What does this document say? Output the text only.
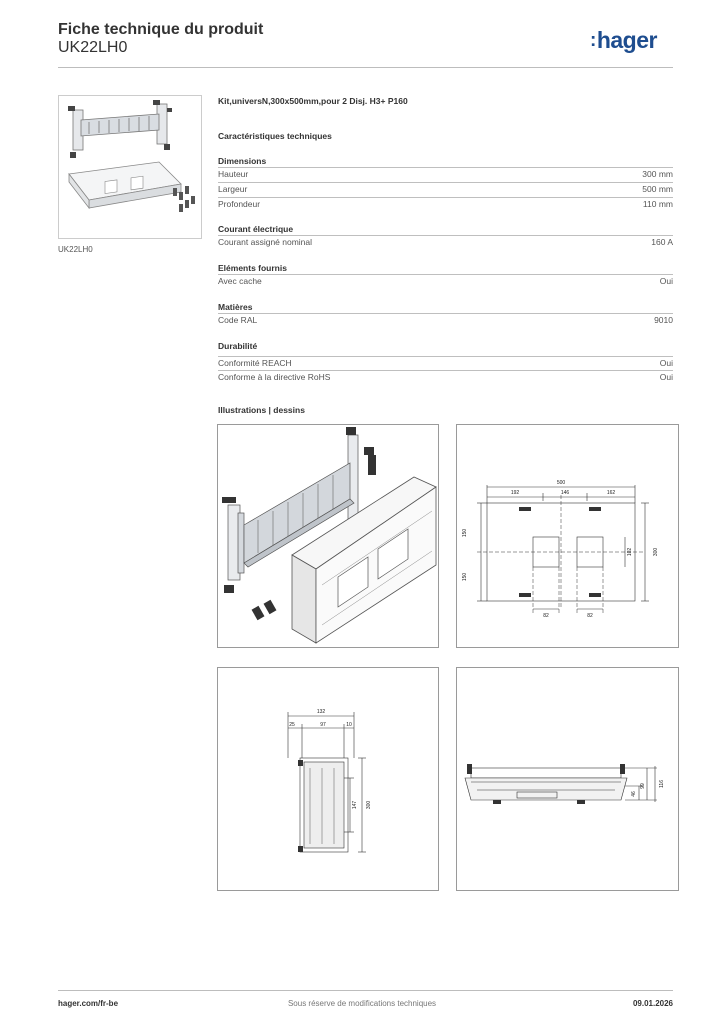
Fiche technique du produit
UK22LH0	:hager
UK22LH0
Kit,universN,300x500mm,pour 2 Disj. H3+ P160
Caractéristiques techniques
Dimensions
Hauteur	300 mm
Largeur	500 mm
Profondeur	110 mm
Courant électrique
Courant assigné nominal	160 A
Eléments fournis
Avec cache	Oui
Matières
Code RAL	9010
Durabilité
Conformité REACH	Oui
Conforme à la directive RoHS	Oui
Illustrations | dessins
500
192	146	162
82	82
150
150
102	300
132
25	97	10
147 300
46
99	116
hager.com/fr-be	Sous réserve de modifications techniques	09.01.2026
